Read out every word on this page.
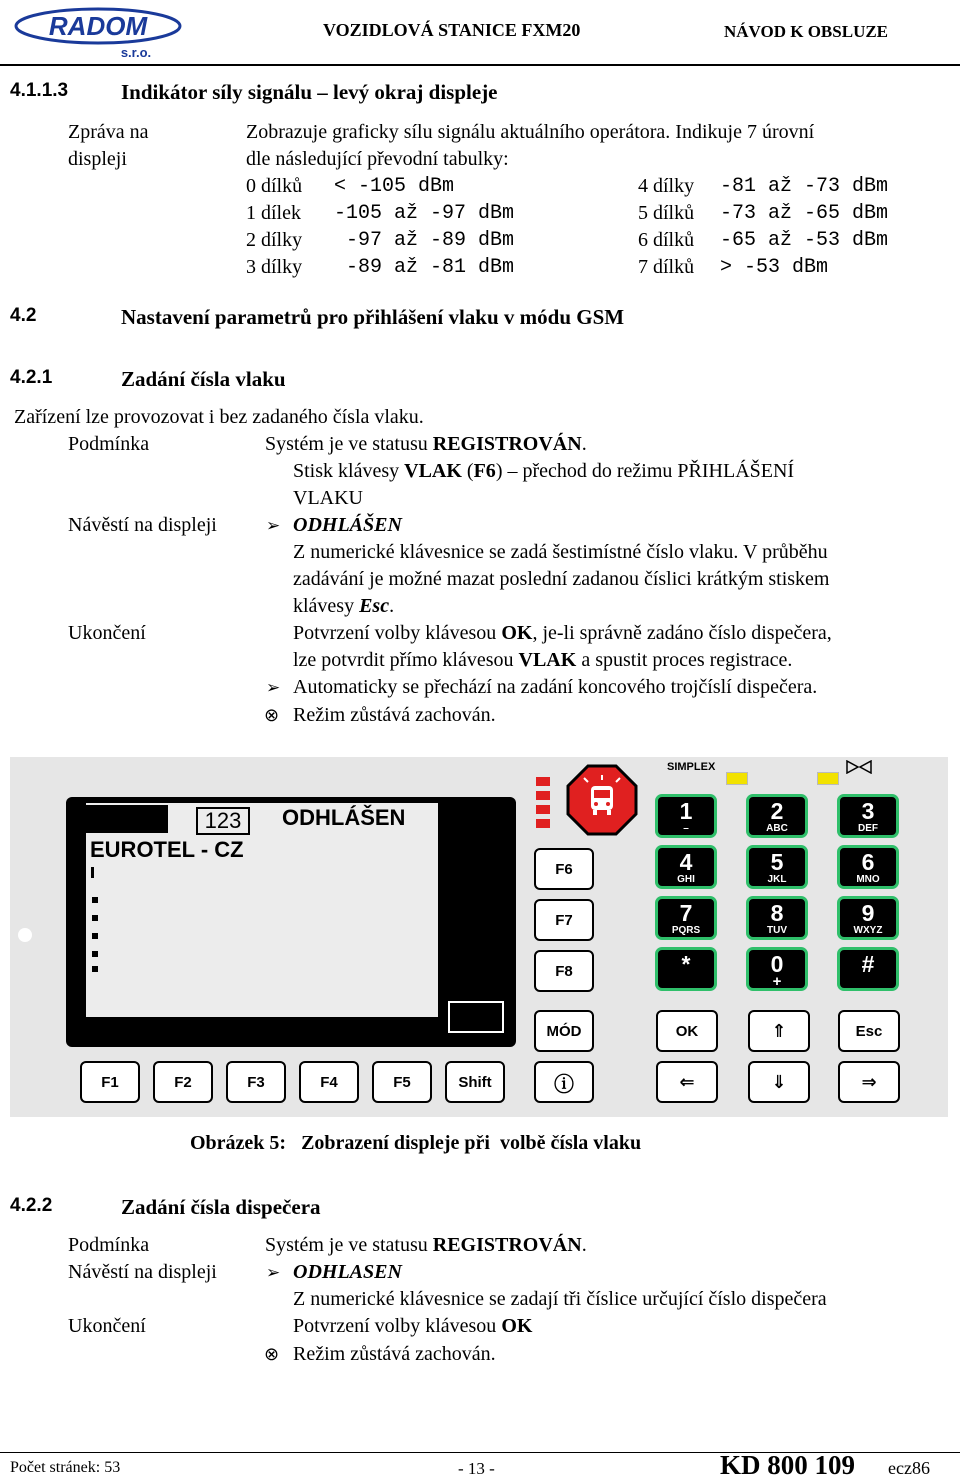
RADOM
s.r.o.
VOZIDLOVÁ STANICE FXM20	NÁVOD K OBSLUZE
4.1.1.3	Indikátor síly signálu – levý okraj displeje
Zpráva na
displeji
Zobrazuje graficky sílu signálu aktuálního operátora. Indikuje 7 úrovní
dle následující převodní tabulky:
0 dílků < -105 dBm
1 dílek -105 až -97 dBm
2 dílky -97 až -89 dBm
3 dílky -89 až -81 dBm
4 dílky -81 až -73 dBm
5 dílků -73 až -65 dBm
6 dílků -65 až -53 dBm
7 dílků > -53 dBm
4.2	Nastavení parametrů pro přihlášení vlaku v módu GSM
4.2.1	Zadání čísla vlaku
Zařízení lze provozovat i bez zadaného čísla vlaku.
Podmínka	Systém je ve statusu REGISTROVÁN.
Stisk klávesy VLAK (F6) – přechod do režimu PŘIHLÁŠENÍ
VLAKU
Návěstí na displeji	➢ ODHLÁŠEN
Z numerické klávesnice se zadá šestimístné číslo vlaku. V průběhu
zadávání je možné mazat poslední zadanou číslici krátkým stiskem
klávesy Esc.
Ukončení	Potvrzení volby klávesou OK, je-li správně zadáno číslo dispečera,
lze potvrdit přímo klávesou VLAK a spustit proces registrace.
➢ Automaticky se přechází na zadání koncového trojčíslí dispečera.
⊗ Režim zůstává zachován.
123	ODHLÁŠEN
EUROTEL - CZ
SIMPLEX
F6
F7
F8
MÓD
1
–
2
ABC
3
DEF
4
GHI
5
JKL
6
MNO
7
PQRS
8
TUV
9
WXYZ
*	0
+
#
OK	⇑	Esc
⇐	⇓	⇒
F1	F2	F3	F4	F5	Shift	ⓘ
Obrázek 5:   Zobrazení displeje při  volbě čísla vlaku
4.2.2	Zadání čísla dispečera
Podmínka	Systém je ve statusu REGISTROVÁN.
Návěstí na displeji	➢ ODHLASEN
Z numerické klávesnice se zadají tři číslice určující číslo dispečera
Ukončení	Potvrzení volby klávesou OK
⊗ Režim zůstává zachován.
Počet stránek: 53	- 13 -	KD 800 109 ecz86
